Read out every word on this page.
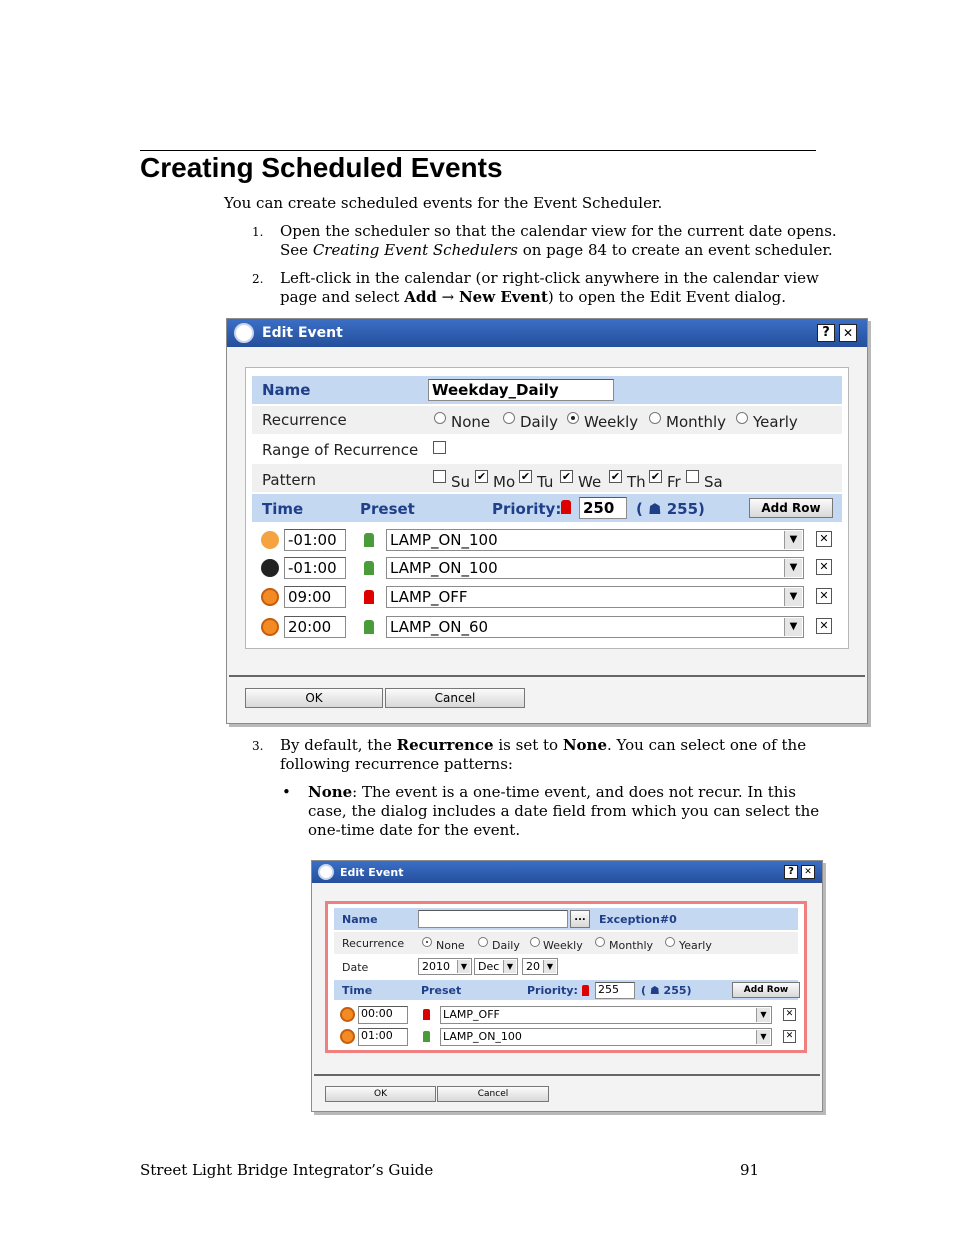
Creating Scheduled Events
You can create scheduled events for the Event Scheduler.
1. Open the scheduler so that the calendar view for the current date opens.
See Creating Event Schedulers on page 84 to create an event scheduler.
2. Left-click in the calendar (or right-click anywhere in the calendar view
page and select Add → New Event) to open the Edit Event dialog.
Edit Event	?	✕
Name	Weekday_Daily
Recurrence	None Daily Weekly Monthly Yearly
Range of Recurrence
Pattern	Su ✔ Mo ✔ Tu ✔ We ✔ Th ✔ Fr Sa
Time	Preset	Priority: 250	( ☗ 255)	Add Row
-01:00	LAMP_ON_100	▼	✕
-01:00	LAMP_ON_100	▼	✕
09:00	LAMP_OFF	▼	✕
20:00	LAMP_ON_60	▼	✕
OK	Cancel
3. By default, the Recurrence is set to None. You can select one of the
following recurrence patterns:
• None: The event is a one-time event, and does not recur. In this
case, the dialog includes a date field from which you can select the
one-time date for the event.
Edit Event	?	✕
Name	...	Exception#0
Recurrence	None Daily Weekly Monthly Yearly
Date	2010	▼ Dec ▼ 20 ▼
Time	Preset	Priority: 255	( ☗ 255)	Add Row
00:00	LAMP_OFF	▼	✕
01:00	LAMP_ON_100	▼	✕
OK	Cancel
Street Light Bridge Integrator’s Guide	91
